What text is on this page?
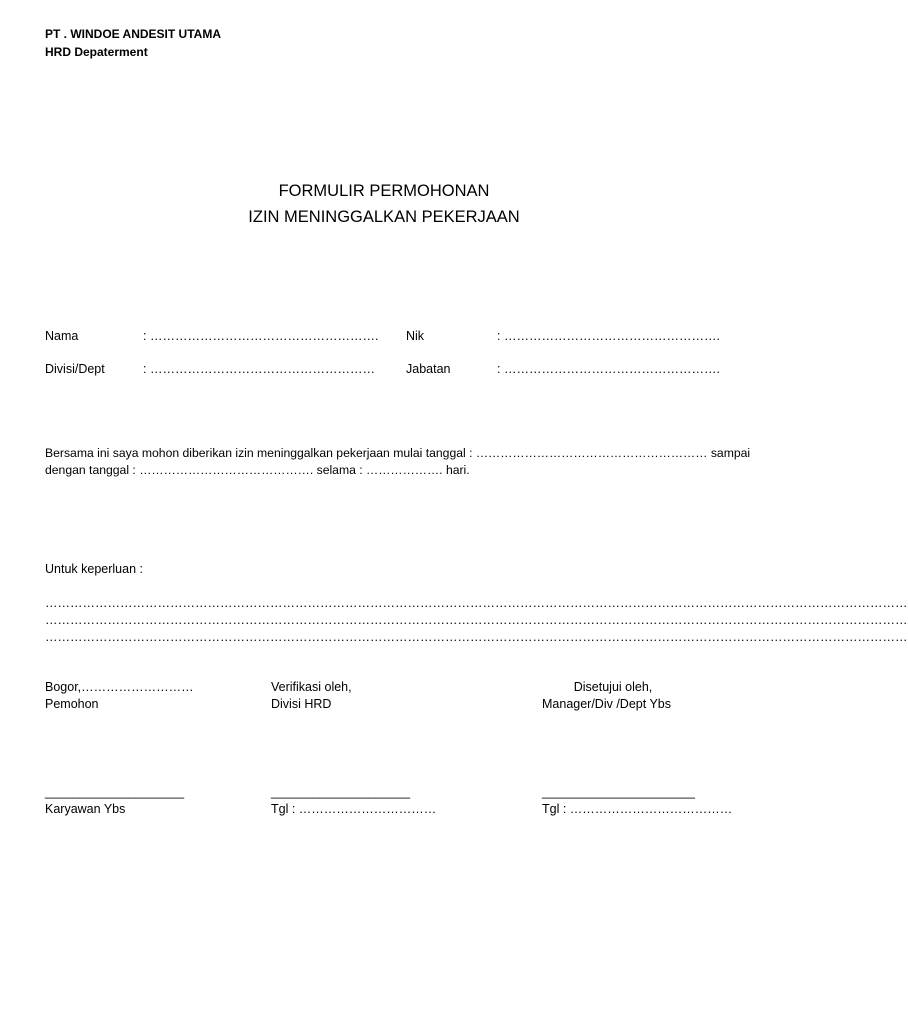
PT . WINDOE ANDESIT UTAMA
HRD Depaterment
FORMULIR PERMOHONAN
IZIN MENINGGALKAN PEKERJAAN
Nama	: ………………………………………………. Nik	: …………………………………………….
Divisi/Dept	: ……………………………………………… Jabatan	: …………………………………………….
Bersama ini saya mohon diberikan izin meninggalkan pekerjaan mulai tanggal : ………………………………………………… sampai
dengan tanggal : ……………………………………. selama : ………………. hari.
Untuk keperluan :
………………………………………………………………………………………………………………………………………………………………………………………
………………………………………………………………………………………………………………………………………………………………………………………
………………………………………………………………………………………………………………………………………………………………………………………
Bogor,………………………
Pemohon
____________________
Karyawan Ybs
Verifikasi oleh,
Divisi HRD
____________________
Tgl : ……………………………
Disetujui oleh,
Manager/Div /Dept Ybs
______________________
Tgl : …………………………………
